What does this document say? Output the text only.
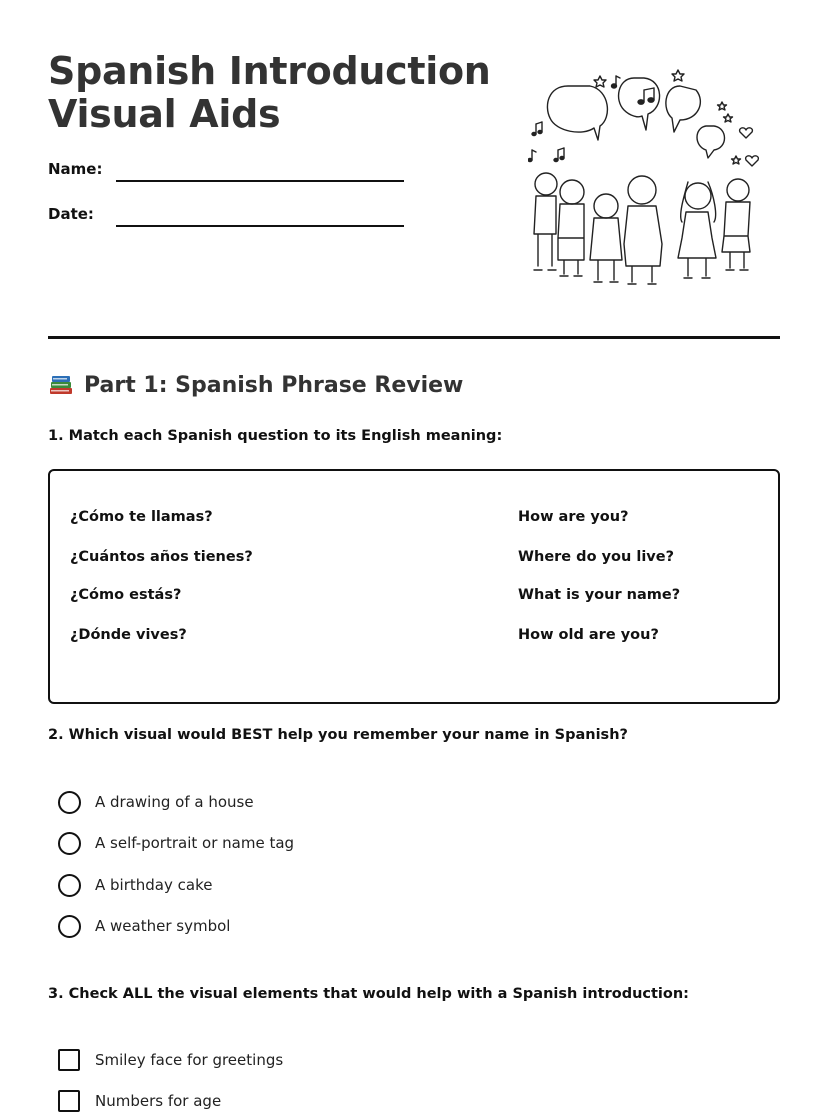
Spanish Introduction
Visual Aids
Name:
Date:
Part 1: Spanish Phrase Review

1. Match each Spanish question to its English meaning:

¿Cómo te llamas?
¿Cuántos años tienes?
¿Cómo estás?
¿Dónde vives?
How are you?
Where do you live?
What is your name?
How old are you?

2. Which visual would BEST help you remember your name in Spanish?

A drawing of a house
A self-portrait or name tag
A birthday cake
A weather symbol

3. Check ALL the visual elements that would help with a Spanish introduction:

Smiley face for greetings
Numbers for age
